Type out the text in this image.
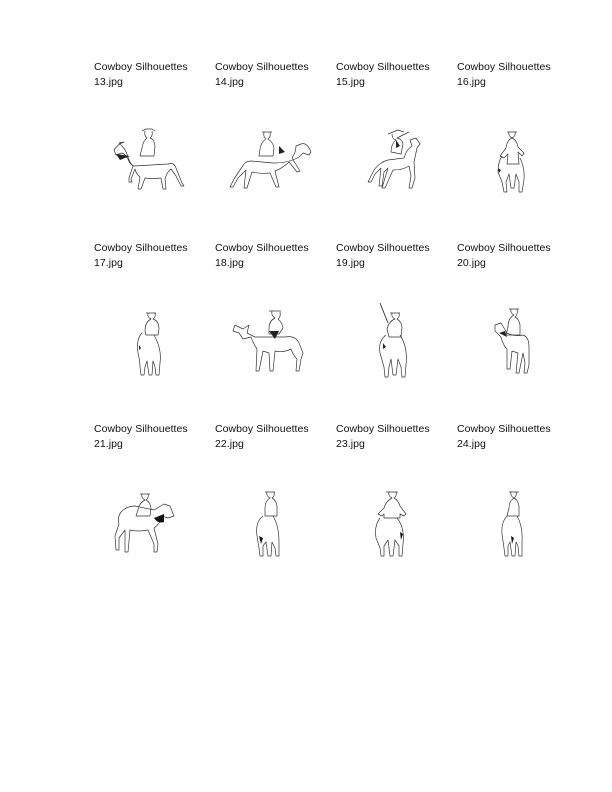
Cowboy Silhouettes
13.jpg
Cowboy Silhouettes
14.jpg
Cowboy Silhouettes
15.jpg
Cowboy Silhouettes
16.jpg
Cowboy Silhouettes
17.jpg
Cowboy Silhouettes
18.jpg
Cowboy Silhouettes
19.jpg
Cowboy Silhouettes
20.jpg
Cowboy Silhouettes
21.jpg
Cowboy Silhouettes
22.jpg
Cowboy Silhouettes
23.jpg
Cowboy Silhouettes
24.jpg
